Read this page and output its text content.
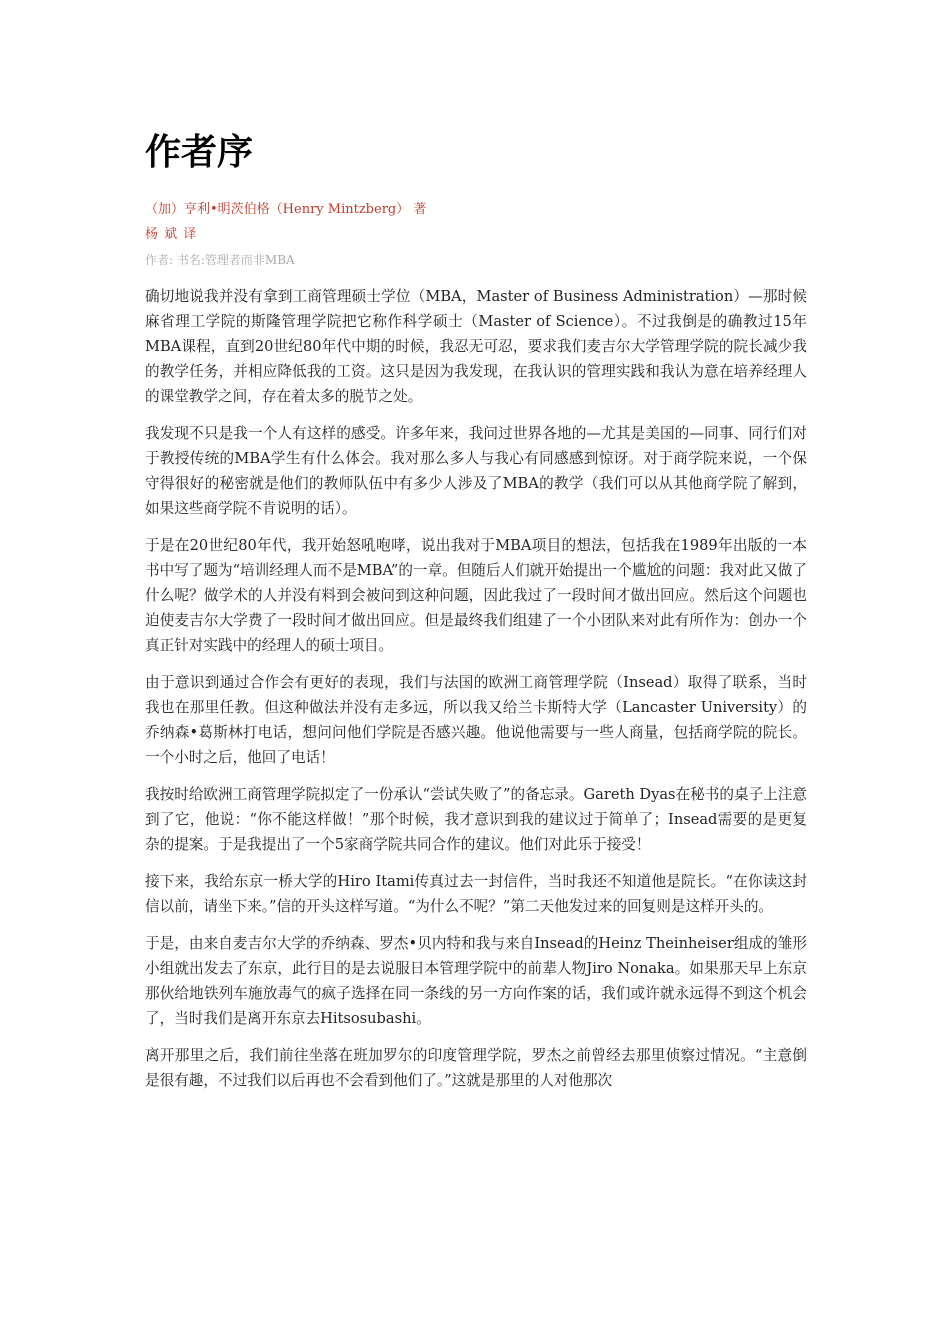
作者序
（加）亨利•明茨伯格（Henry Mintzberg） 著
杨 斌 译
作者: 书名:管理者而非MBA

确切地说我并没有拿到工商管理硕士学位（MBA，Master of Business Administration）—那时候麻省理工学院的斯隆管理学院把它称作科学硕士（Master of Science）。不过我倒是的确教过15年MBA课程，直到20世纪80年代中期的时候，我忍无可忍，要求我们麦吉尔大学管理学院的院长减少我的教学任务，并相应降低我的工资。这只是因为我发现，在我认识的管理实践和我认为意在培养经理人的课堂教学之间，存在着太多的脱节之处。

我发现不只是我一个人有这样的感受。许多年来，我问过世界各地的—尤其是美国的—同事、同行们对于教授传统的MBA学生有什么体会。我对那么多人与我心有同感感到惊讶。对于商学院来说，一个保守得很好的秘密就是他们的教师队伍中有多少人涉及了MBA的教学（我们可以从其他商学院了解到，如果这些商学院不肯说明的话）。

于是在20世纪80年代，我开始怒吼咆哮，说出我对于MBA项目的想法，包括我在1989年出版的一本书中写了题为“培训经理人而不是MBA”的一章。但随后人们就开始提出一个尴尬的问题：我对此又做了什么呢？做学术的人并没有料到会被问到这种问题，因此我过了一段时间才做出回应。然后这个问题也迫使麦吉尔大学费了一段时间才做出回应。但是最终我们组建了一个小团队来对此有所作为：创办一个真正针对实践中的经理人的硕士项目。

由于意识到通过合作会有更好的表现，我们与法国的欧洲工商管理学院（Insead）取得了联系，当时我也在那里任教。但这种做法并没有走多远，所以我又给兰卡斯特大学（Lancaster University）的乔纳森•葛斯林打电话，想问问他们学院是否感兴趣。他说他需要与一些人商量，包括商学院的院长。一个小时之后，他回了电话！

我按时给欧洲工商管理学院拟定了一份承认“尝试失败了”的备忘录。Gareth Dyas在秘书的桌子上注意到了它，他说：“你不能这样做！”那个时候，我才意识到我的建议过于简单了；Insead需要的是更复杂的提案。于是我提出了一个5家商学院共同合作的建议。他们对此乐于接受！

接下来，我给东京一桥大学的Hiro Itami传真过去一封信件，当时我还不知道他是院长。“在你读这封信以前，请坐下来。”信的开头这样写道。“为什么不呢？”第二天他发过来的回复则是这样开头的。

于是，由来自麦吉尔大学的乔纳森、罗杰•贝内特和我与来自Insead的Heinz Theinheiser组成的雏形小组就出发去了东京，此行目的是去说服日本管理学院中的前辈人物Jiro Nonaka。如果那天早上东京那伙给地铁列车施放毒气的疯子选择在同一条线的另一方向作案的话，我们或许就永远得不到这个机会了，当时我们是离开东京去Hitsosubashi。

离开那里之后，我们前往坐落在班加罗尔的印度管理学院，罗杰之前曾经去那里侦察过情况。“主意倒是很有趣，不过我们以后再也不会看到他们了。”这就是那里的人对他那次
